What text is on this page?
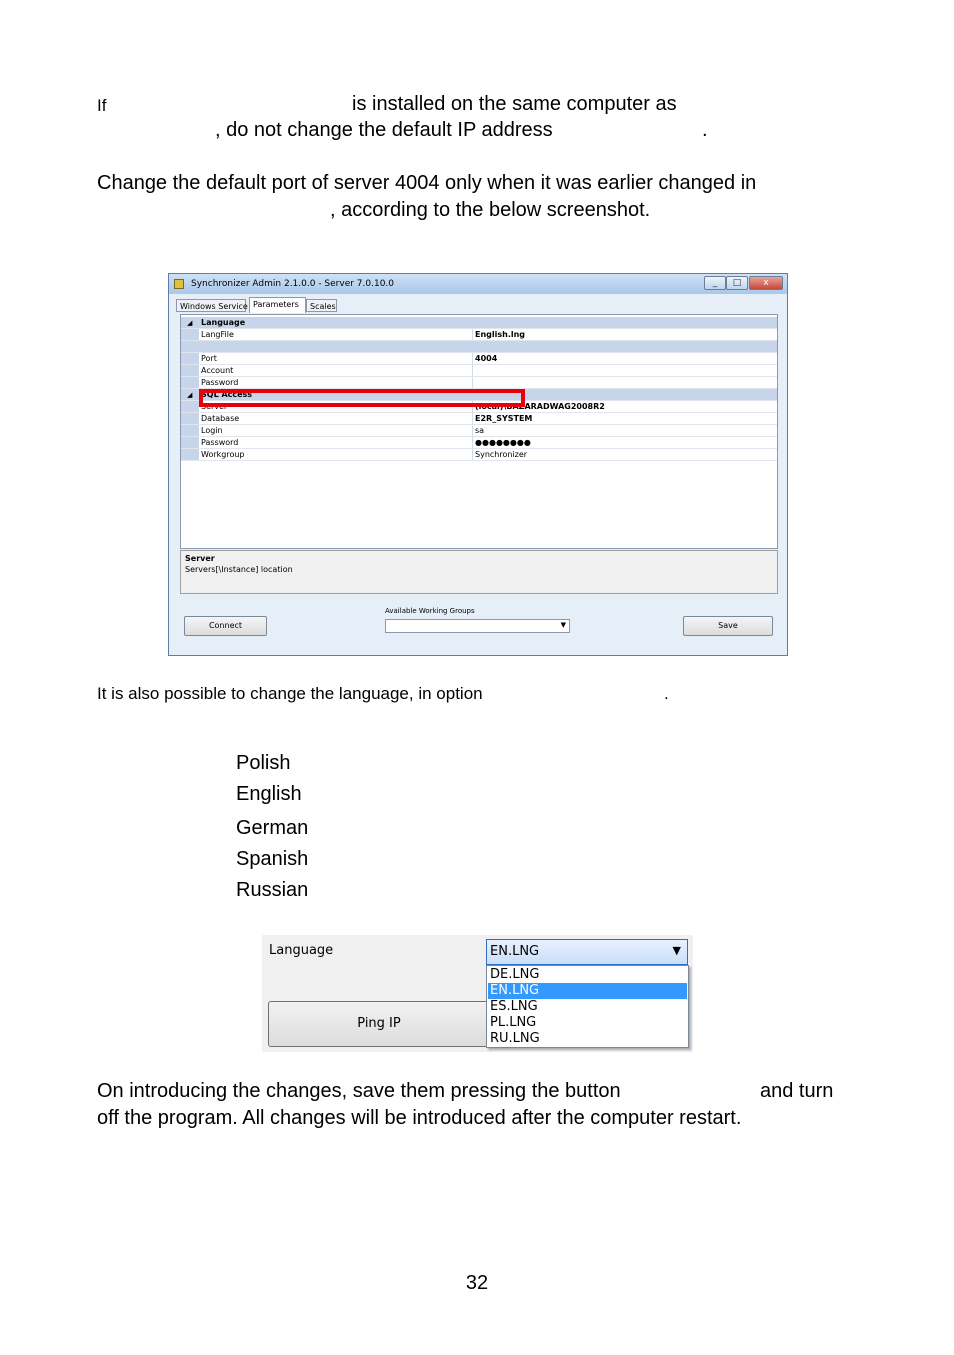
If	is installed on the same computer as
, do not change the default IP address	.
Change the default port of server 4004 only when it was earlier changed in
, according to the below screenshot.
Synchronizer Admin 2.1.0.0 - Server 7.0.10.0	_	□	x
Windows Service Parameters	Scales
◢ Language
LangFile	English.lng
Port	4004
Account
Password
◢ SQL Access
Server	(local)\BAZARADWAG2008R2
Database	E2R_SYSTEM
Login	sa
Password	●●●●●●●●
Workgroup	Synchronizer
Server
Servers[\Instance] location
Connect
Available Working Groups
▼	Save
It is also possible to change the language, in option	.
Polish
English
German
Spanish
Russian
Language
Ping IP
EN.LNG	▼
DE.LNG
EN.LNG
ES.LNG
PL.LNG
RU.LNG
On introducing the changes, save them pressing the button	and turn
off the program. All changes will be introduced after the computer restart.
32
